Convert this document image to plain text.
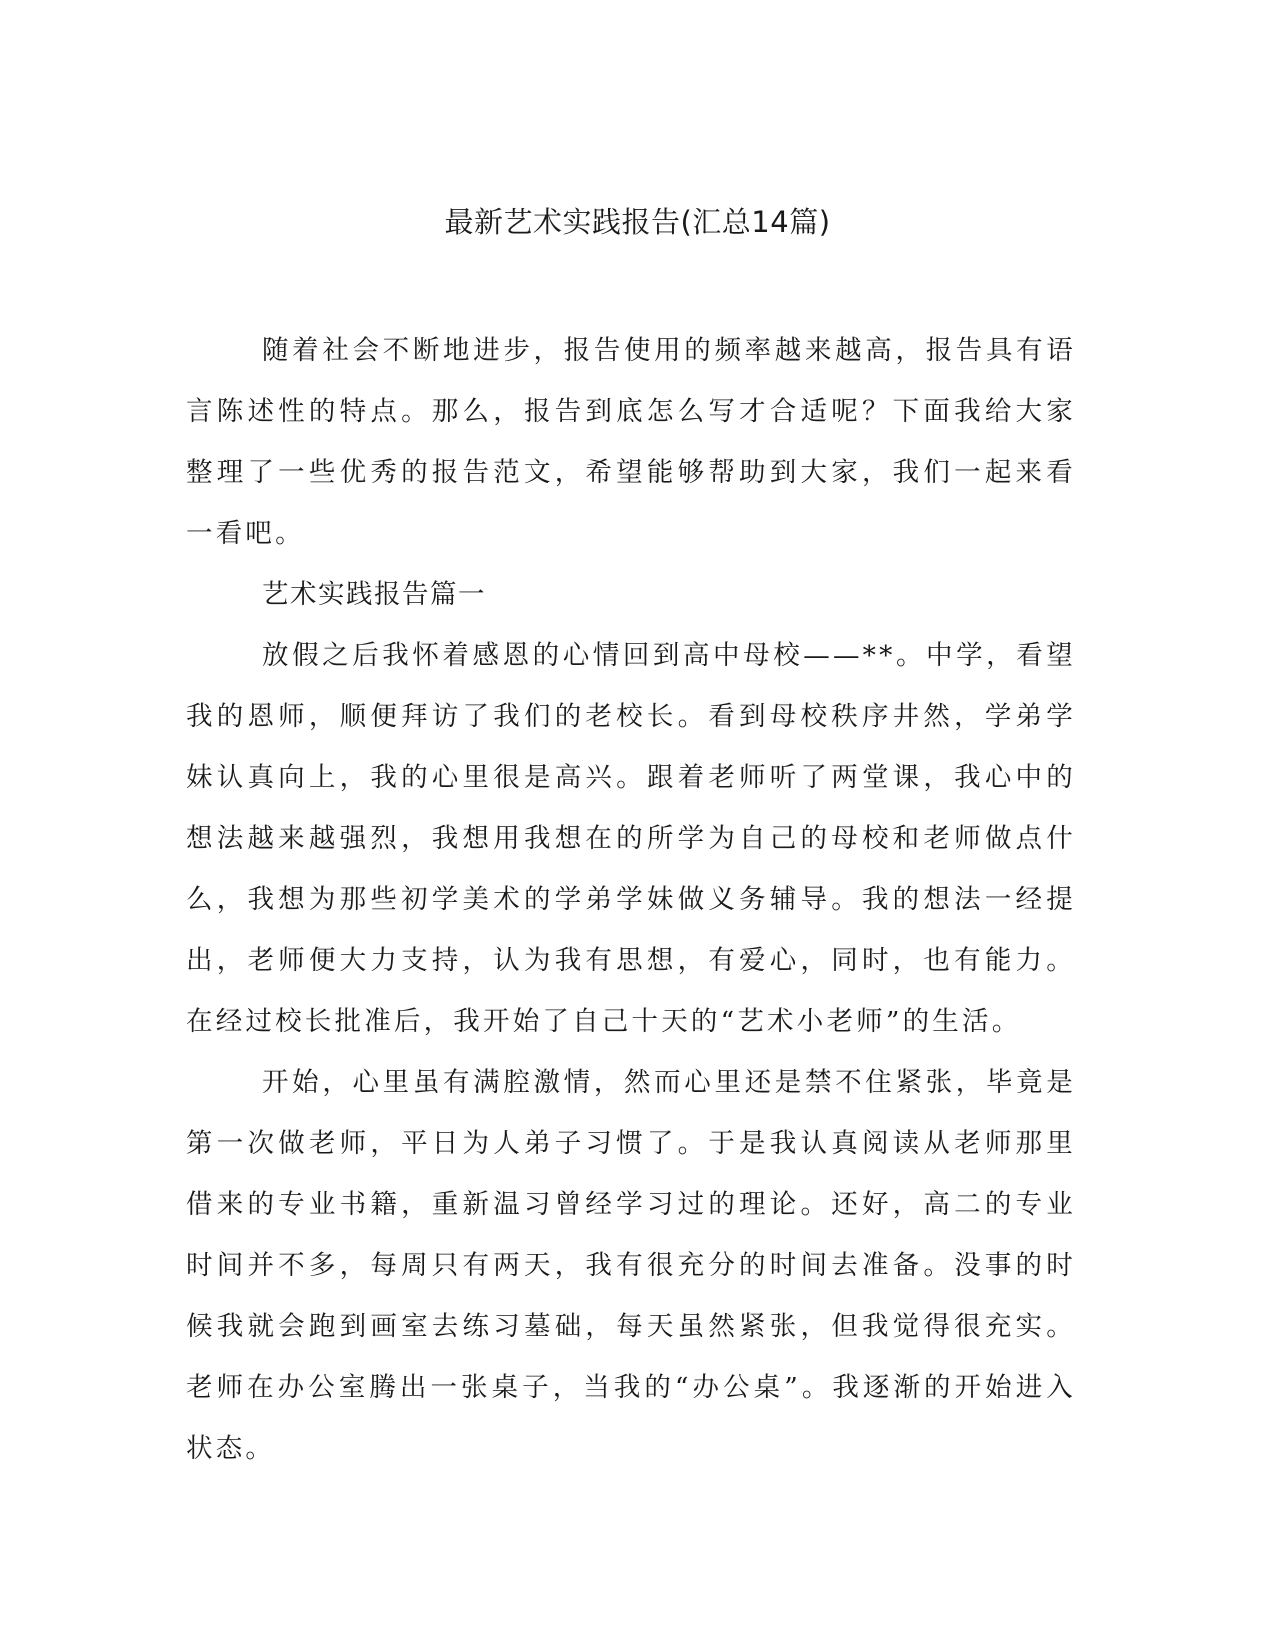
最新艺术实践报告(汇总14篇)

随着社会不断地进步，报告使用的频率越来越高，报告具有语言陈述性的特点。那么，报告到底怎么写才合适呢？下面我给大家整理了一些优秀的报告范文，希望能够帮助到大家，我们一起来看一看吧。

艺术实践报告篇一

放假之后我怀着感恩的心情回到高中母校——**。中学，看望我的恩师，顺便拜访了我们的老校长。看到母校秩序井然，学弟学妹认真向上，我的心里很是高兴。跟着老师听了两堂课，我心中的想法越来越强烈，我想用我想在的所学为自己的母校和老师做点什么，我想为那些初学美术的学弟学妹做义务辅导。我的想法一经提出，老师便大力支持，认为我有思想，有爱心，同时，也有能力。在经过校长批准后，我开始了自己十天的“艺术小老师”的生活。

开始，心里虽有满腔激情，然而心里还是禁不住紧张，毕竟是第一次做老师，平日为人弟子习惯了。于是我认真阅读从老师那里借来的专业书籍，重新温习曾经学习过的理论。还好，高二的专业时间并不多，每周只有两天，我有很充分的时间去准备。没事的时候我就会跑到画室去练习墓础，每天虽然紧张，但我觉得很充实。老师在办公室腾出一张桌子，当我的“办公桌”。我逐渐的开始进入状态。
